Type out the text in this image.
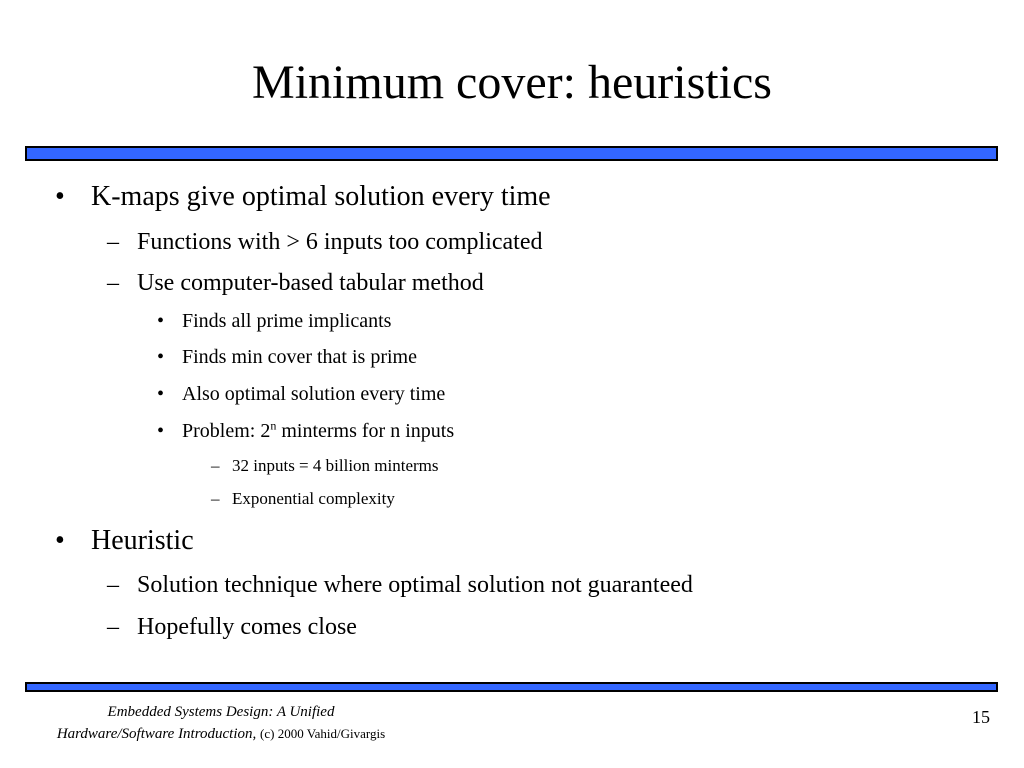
Minimum cover: heuristics
• K-maps give optimal solution every time
– Functions with > 6 inputs too complicated
– Use computer-based tabular method
• Finds all prime implicants
• Finds min cover that is prime
• Also optimal solution every time
• Problem: 2$^n$ minterms for n inputs
– 32 inputs = 4 billion minterms
– Exponential complexity
• Heuristic
– Solution technique where optimal solution not guaranteed
– Hopefully comes close
Embedded Systems Design: A Unified
Hardware/Software Introduction, (c) 2000 Vahid/Givargis
15
